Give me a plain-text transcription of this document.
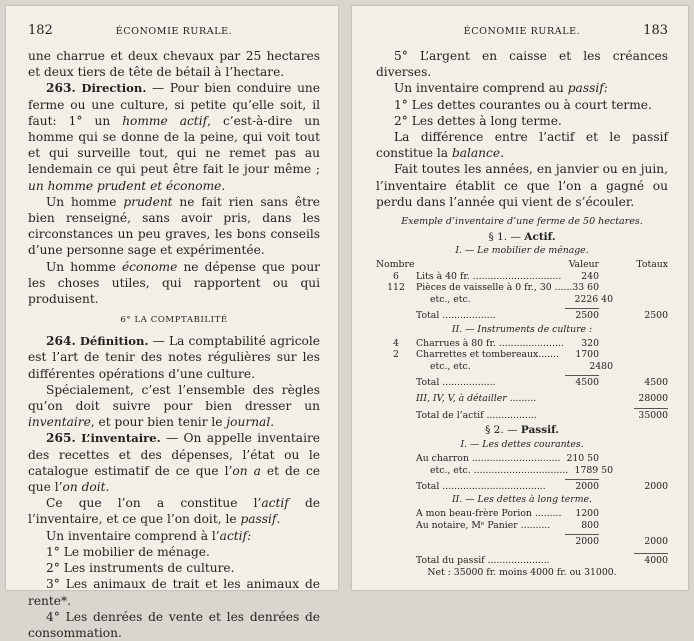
182	ÉCONOMIE RURALE.

une charrue et deux chevaux par 25 hectares et deux tiers de tête de bétail à l’hectare.

263. Direction. — Pour bien conduire une ferme ou une culture, si petite qu’elle soit, il faut: 1° un homme actif, c’est-à-dire un homme qui se donne de la peine, qui voit tout et qui surveille tout, qui ne remet pas au lendemain ce qui peut être fait le jour même ; un homme prudent et économe.

Un homme prudent ne fait rien sans être bien renseigné, sans avoir pris, dans les circonstances un peu graves, les bons conseils d’une personne sage et expérimentée.

Un homme économe ne dépense que pour les choses utiles, qui rapportent ou qui produisent.

6° LA COMPTABILITÉ

264. Définition. — La comptabilité agricole est l’art de tenir des notes régulières sur les différentes opérations d’une culture.

Spécialement, c’est l’ensemble des règles qu’on doit suivre pour bien dresser un inventaire, et pour bien tenir le journal.

265. L’inventaire. — On appelle inventaire des recettes et des dépenses, l’état ou le catalogue estimatif de ce que l’on a et de ce que l’on doit.

Ce que l’on a constitue l’actif de l’inventaire, et ce que l’on doit, le passif.

Un inventaire comprend à l’actif:

1° Le mobilier de ménage.

2° Les instruments de culture.

3° Les animaux de trait et les animaux de rente*.

4° Les denrées de vente et les denrées de consommation.

ÉCONOMIE RURALE.	183

5° L’argent en caisse et les créances diverses.

Un inventaire comprend au passif:

1° Les dettes courantes ou à court terme.

2° Les dettes à long terme.

La différence entre l’actif et le passif constitue la balance.

Fait toutes les années, en janvier ou en juin, l’inventaire établit ce que l’on a gagné ou perdu dans l’année qui vient de s’écouler.

Exemple d’inventaire d’une ferme de 50 hectares.
§ 1. — Actif.
I. — Le mobilier de ménage.
Nombre	Valeur	Totaux
6	Lits à 40 fr. ..............................	240
112	Pièces de vaisselle à 0 fr., 30 ...... 33 60
etc., etc.	2226 40
Total ..................	2500	2500
II. — Instruments de culture :
4	Charrues à 80 fr. ......................	320
2	Charrettes et tombereaux.......	1700
etc., etc.	2480
Total ..................	4500	4500
III, IV, V, à détailler .........	28000
Total de l’actif .................	35000
§ 2. — Passif.
I. — Les dettes courantes.
Au charron .............................. 210 50
etc., etc. ................................ 1789 50
Total ...................................	2000	2000
II. — Les dettes à long terme.
A mon beau-frère Porion .........	1200
Au notaire, Mᵉ Panier ..........	800
2000	2000
Total du passif .....................	4000
Net : 35000 fr. moins 4000 fr. ou 31000.
